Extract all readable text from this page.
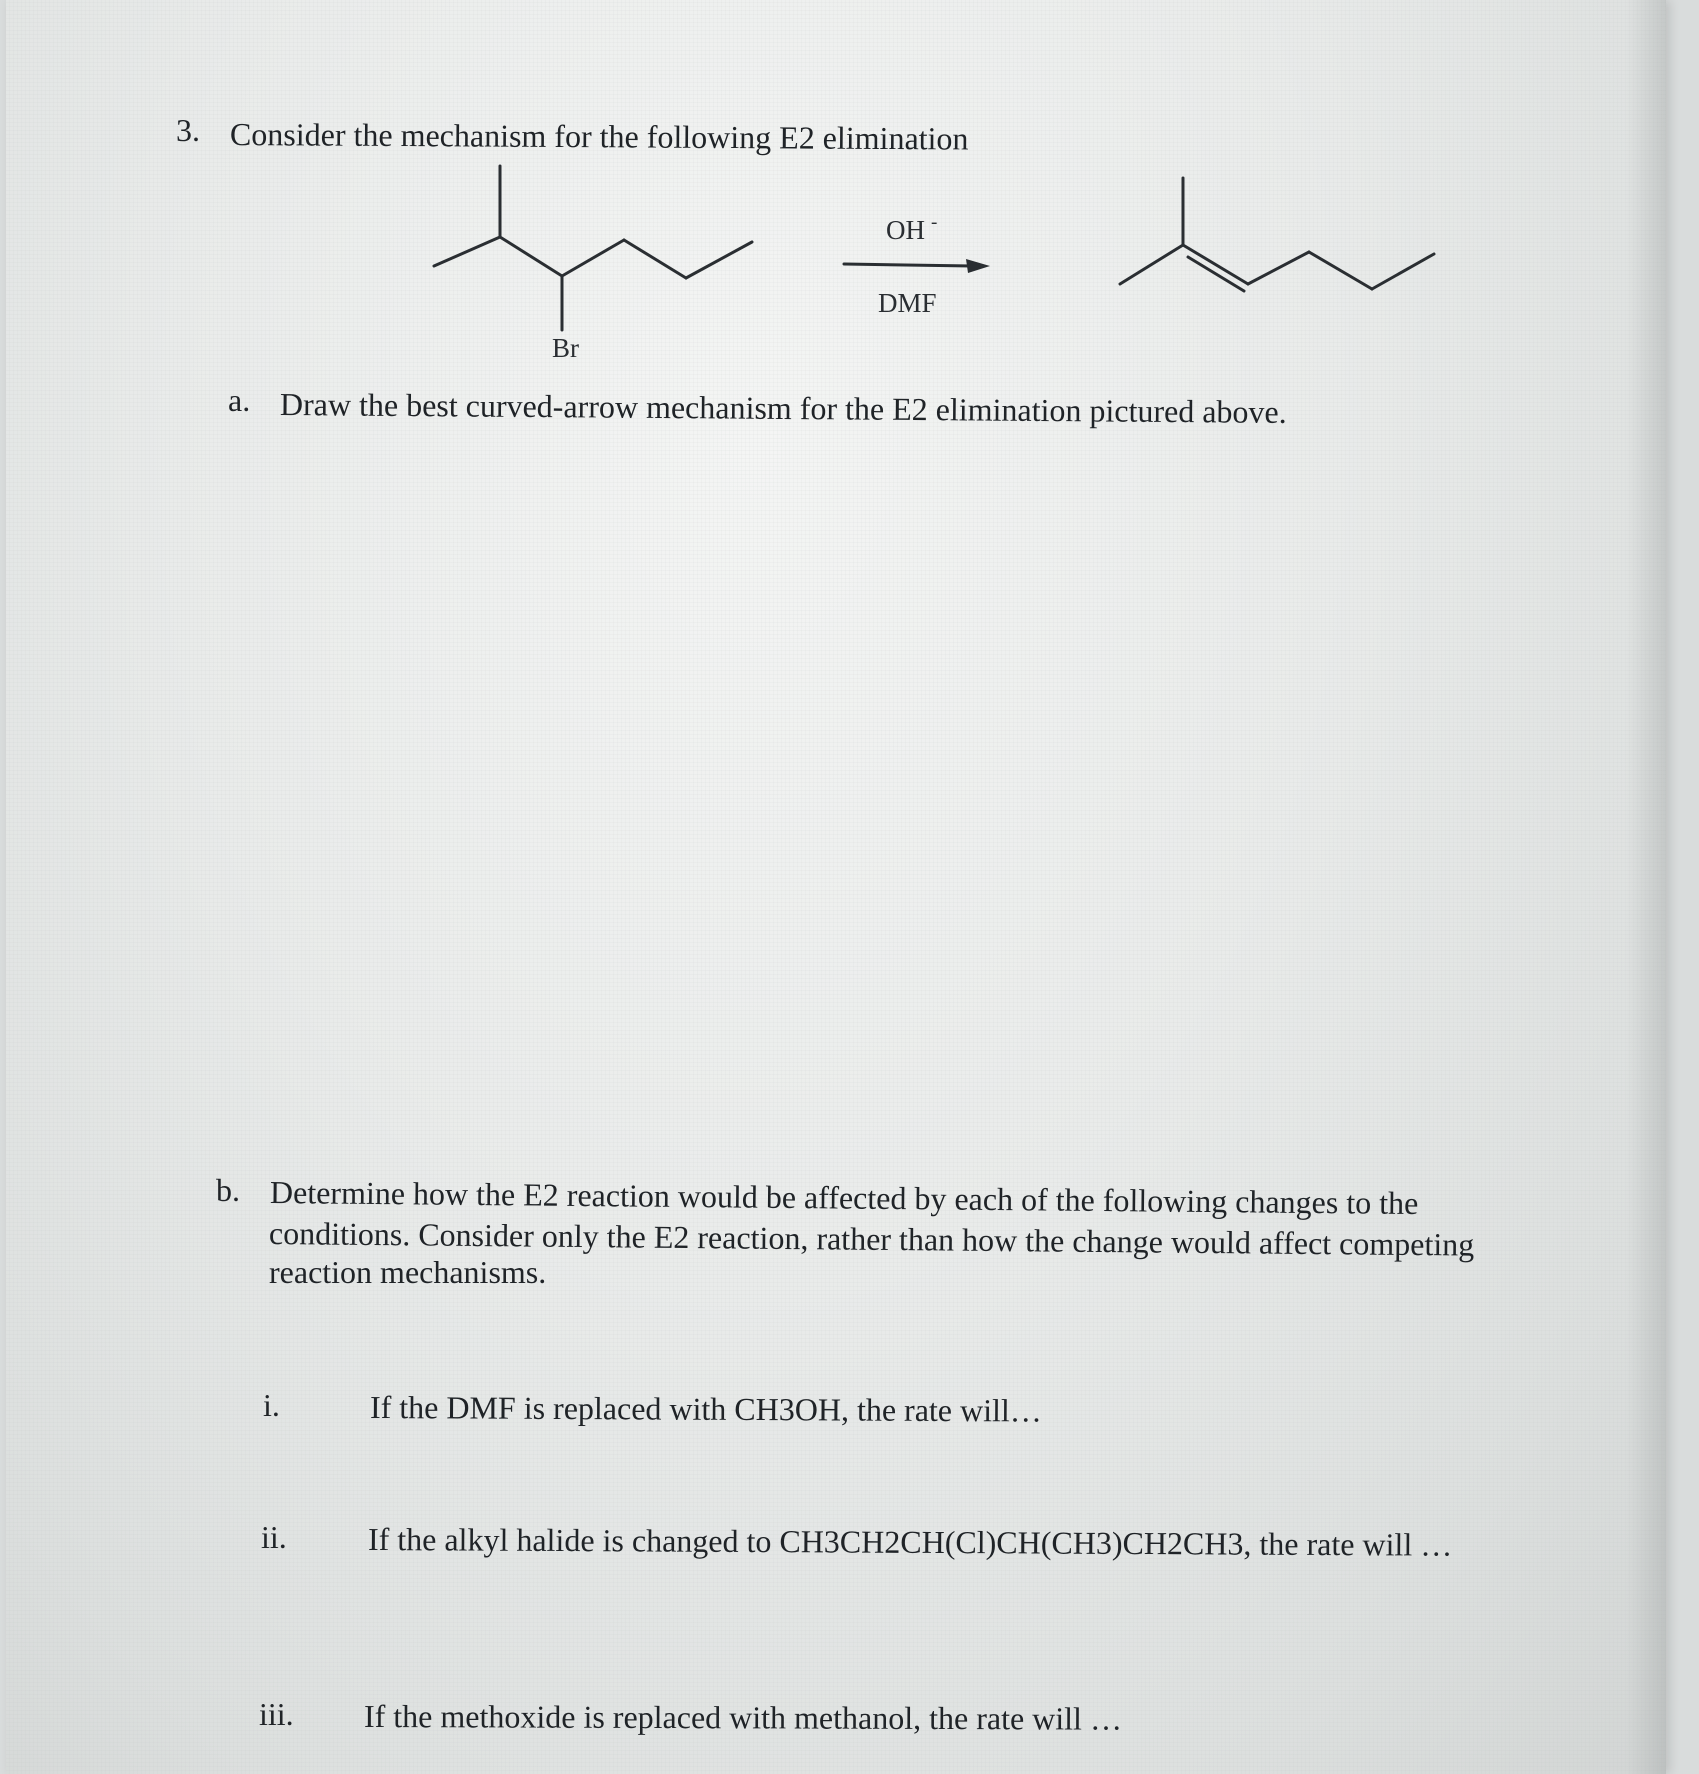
3. Consider the mechanism for the following E2 elimination
Br
OH -
DMF
a. Draw the best curved-arrow mechanism for the E2 elimination pictured above.
b. Determine how the E2 reaction would be affected by each of the following changes to the
conditions. Consider only the E2 reaction, rather than how the change would affect competing
reaction mechanisms.
i.	If the DMF is replaced with CH3OH, the rate will…
ii.	If the alkyl halide is changed to CH3CH2CH(Cl)CH(CH3)CH2CH3, the rate will …
iii. If the methoxide is replaced with methanol, the rate will …
